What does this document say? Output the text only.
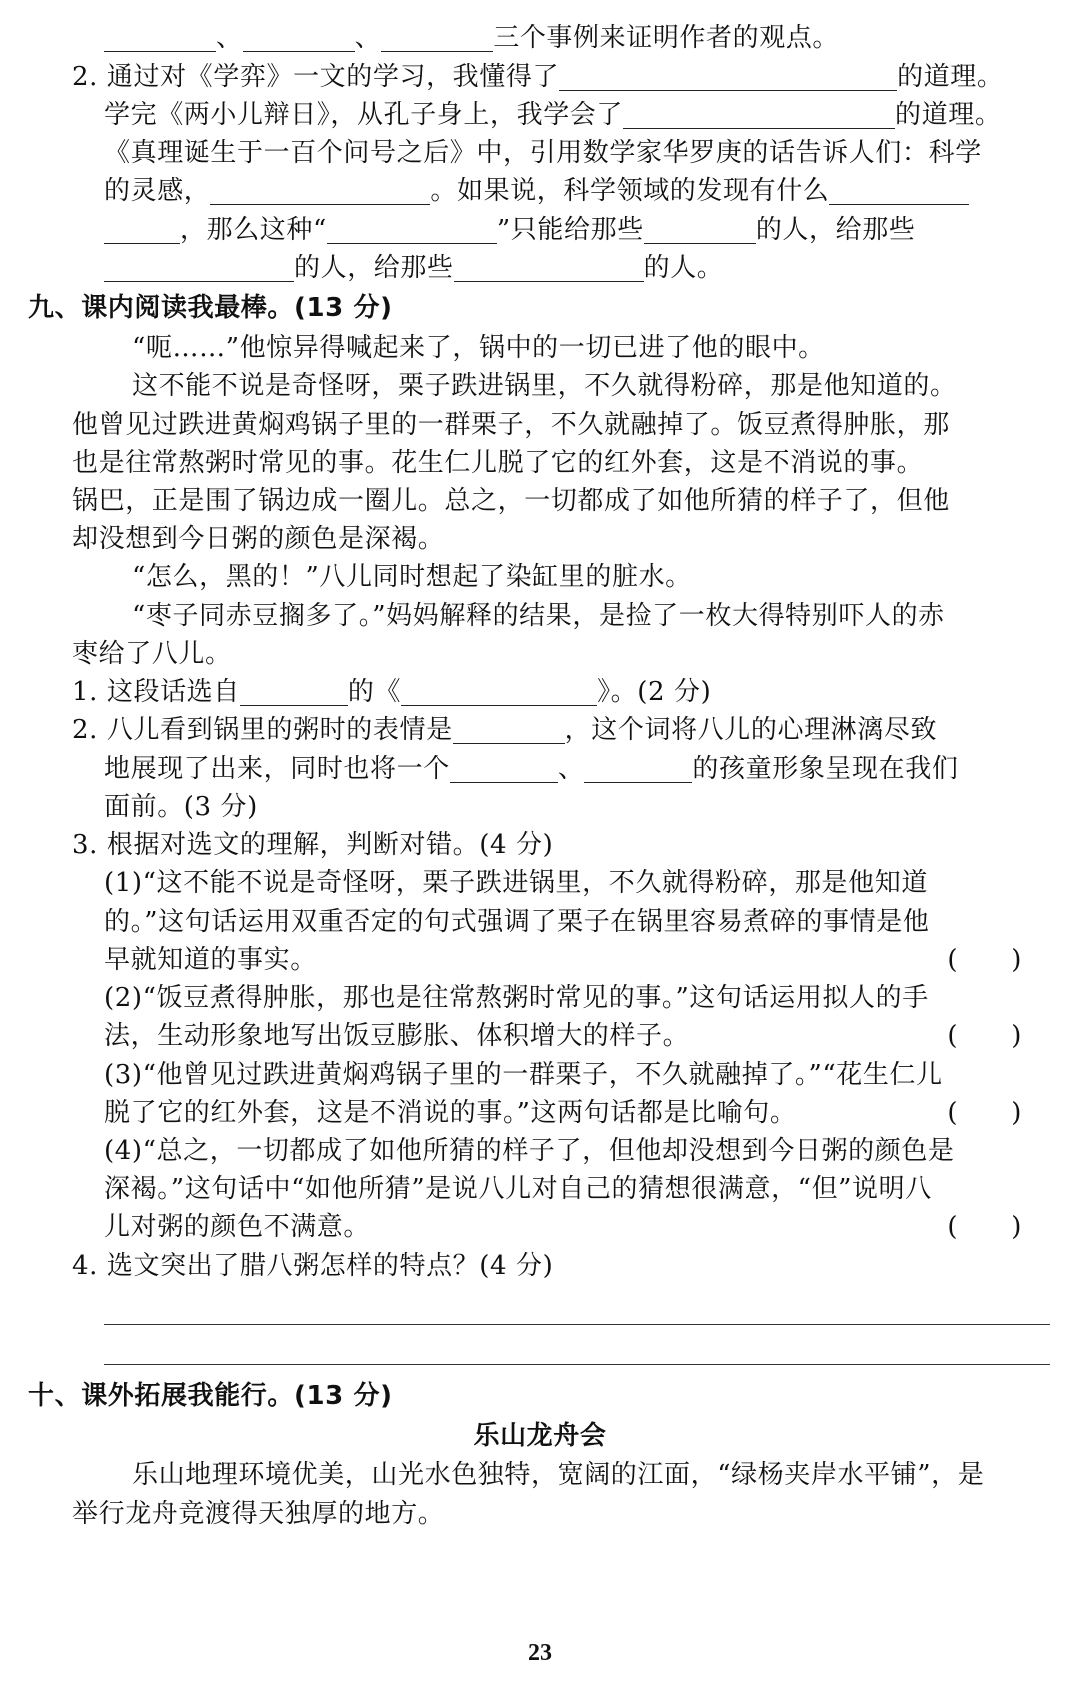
、	、	三个事例来证明作者的观点。
2. 通过对《学弈》一文的学习，我懂得了	的道理。
学完《两小儿辩日》，从孔子身上，我学会了	的道理。
《真理诞生于一百个问号之后》中，引用数学家华罗庚的话告诉人们：科学
的灵感，	。如果说，科学领域的发现有什么
，那么这种“	”只能给那些	的人，给那些
的人，给那些	的人。
九、课内阅读我最棒。(13 分)
“呃……”他惊异得喊起来了，锅中的一切已进了他的眼中。
这不能不说是奇怪呀，栗子跌进锅里，不久就得粉碎，那是他知道的。
他曾见过跌进黄焖鸡锅子里的一群栗子，不久就融掉了。饭豆煮得肿胀，那
也是往常熬粥时常见的事。花生仁儿脱了它的红外套，这是不消说的事。
锅巴，正是围了锅边成一圈儿。总之，一切都成了如他所猜的样子了，但他
却没想到今日粥的颜色是深褐。
“怎么，黑的！”八儿同时想起了染缸里的脏水。
“枣子同赤豆搁多了。”妈妈解释的结果，是捡了一枚大得特别吓人的赤
枣给了八儿。
1. 这段话选自	的《	》。(2 分)
2. 八儿看到锅里的粥时的表情是	，这个词将八儿的心理淋漓尽致
地展现了出来，同时也将一个	、	的孩童形象呈现在我们
面前。(3 分)
3. 根据对选文的理解，判断对错。(4 分)
(1)“这不能不说是奇怪呀，栗子跌进锅里，不久就得粉碎，那是他知道
的。”这句话运用双重否定的句式强调了栗子在锅里容易煮碎的事情是他
早就知道的事实。	(　　)
(2)“饭豆煮得肿胀，那也是往常熬粥时常见的事。”这句话运用拟人的手
法，生动形象地写出饭豆膨胀、体积增大的样子。	(　　)
(3)“他曾见过跌进黄焖鸡锅子里的一群栗子，不久就融掉了。”“花生仁儿
脱了它的红外套，这是不消说的事。”这两句话都是比喻句。	(　　)
(4)“总之，一切都成了如他所猜的样子了，但他却没想到今日粥的颜色是
深褐。”这句话中“如他所猜”是说八儿对自己的猜想很满意，“但”说明八
儿对粥的颜色不满意。	(　　)
4. 选文突出了腊八粥怎样的特点？(4 分)
十、课外拓展我能行。(13 分)
乐山龙舟会
乐山地理环境优美，山光水色独特，宽阔的江面，“绿杨夹岸水平铺”，是
举行龙舟竞渡得天独厚的地方。
23
